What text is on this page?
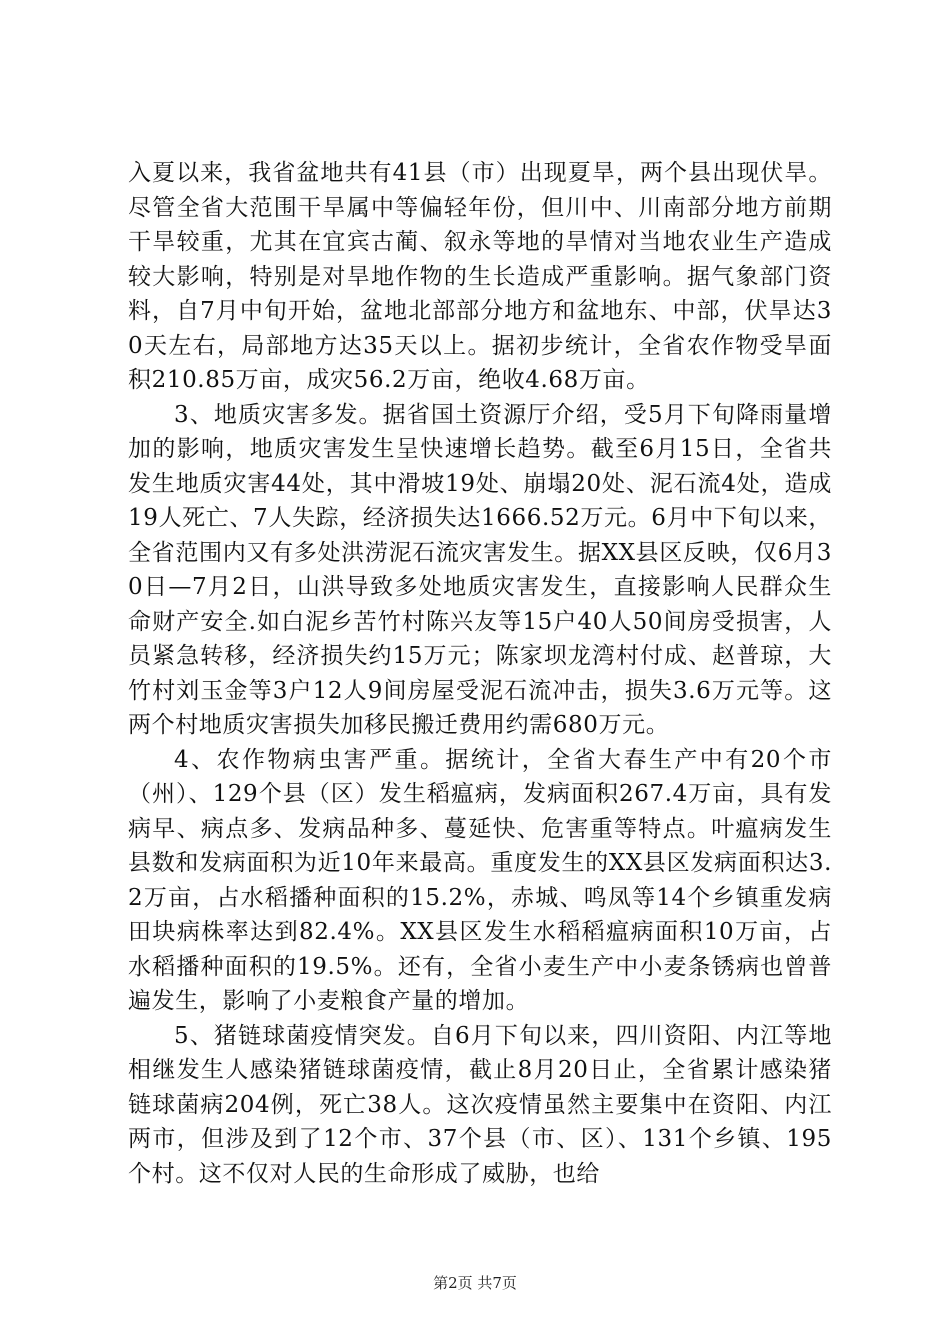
入夏以来，我省盆地共有41县（市）出现夏旱，两个县出现伏旱。尽管全省大范围干旱属中等偏轻年份，但川中、川南部分地方前期干旱较重，尤其在宜宾古蔺、叙永等地的旱情对当地农业生产造成较大影响，特别是对旱地作物的生长造成严重影响。据气象部门资料，自7月中旬开始，盆地北部部分地方和盆地东、中部，伏旱达30天左右，局部地方达35天以上。据初步统计，全省农作物受旱面积210.85万亩，成灾56.2万亩，绝收4.68万亩。

3、地质灾害多发。据省国土资源厅介绍，受5月下旬降雨量增加的影响，地质灾害发生呈快速增长趋势。截至6月15日，全省共发生地质灾害44处，其中滑坡19处、崩塌20处、泥石流4处，造成19人死亡、7人失踪，经济损失达1666.52万元。6月中下旬以来，全省范围内又有多处洪涝泥石流灾害发生。据XX县区反映，仅6月30日—7月2日，山洪导致多处地质灾害发生，直接影响人民群众生命财产安全.如白泥乡苦竹村陈兴友等15户40人50间房受损害，人员紧急转移，经济损失约15万元；陈家坝龙湾村付成、赵普琼，大竹村刘玉金等3户12人9间房屋受泥石流冲击，损失3.6万元等。这两个村地质灾害损失加移民搬迁费用约需680万元。

4、农作物病虫害严重。据统计，全省大春生产中有20个市（州）、129个县（区）发生稻瘟病，发病面积267.4万亩，具有发病早、病点多、发病品种多、蔓延快、危害重等特点。叶瘟病发生县数和发病面积为近10年来最高。重度发生的XX县区发病面积达3.2万亩，占水稻播种面积的15.2%，赤城、鸣凤等14个乡镇重发病田块病株率达到82.4%。XX县区发生水稻稻瘟病面积10万亩，占水稻播种面积的19.5%。还有，全省小麦生产中小麦条锈病也曾普遍发生，影响了小麦粮食产量的增加。

5、猪链球菌疫情突发。自6月下旬以来，四川资阳、内江等地相继发生人感染猪链球菌疫情，截止8月20日止，全省累计感染猪链球菌病204例，死亡38人。这次疫情虽然主要集中在资阳、内江两市，但涉及到了12个市、37个县（市、区）、131个乡镇、195个村。这不仅对人民的生命形成了威胁，也给

第2页 共7页
